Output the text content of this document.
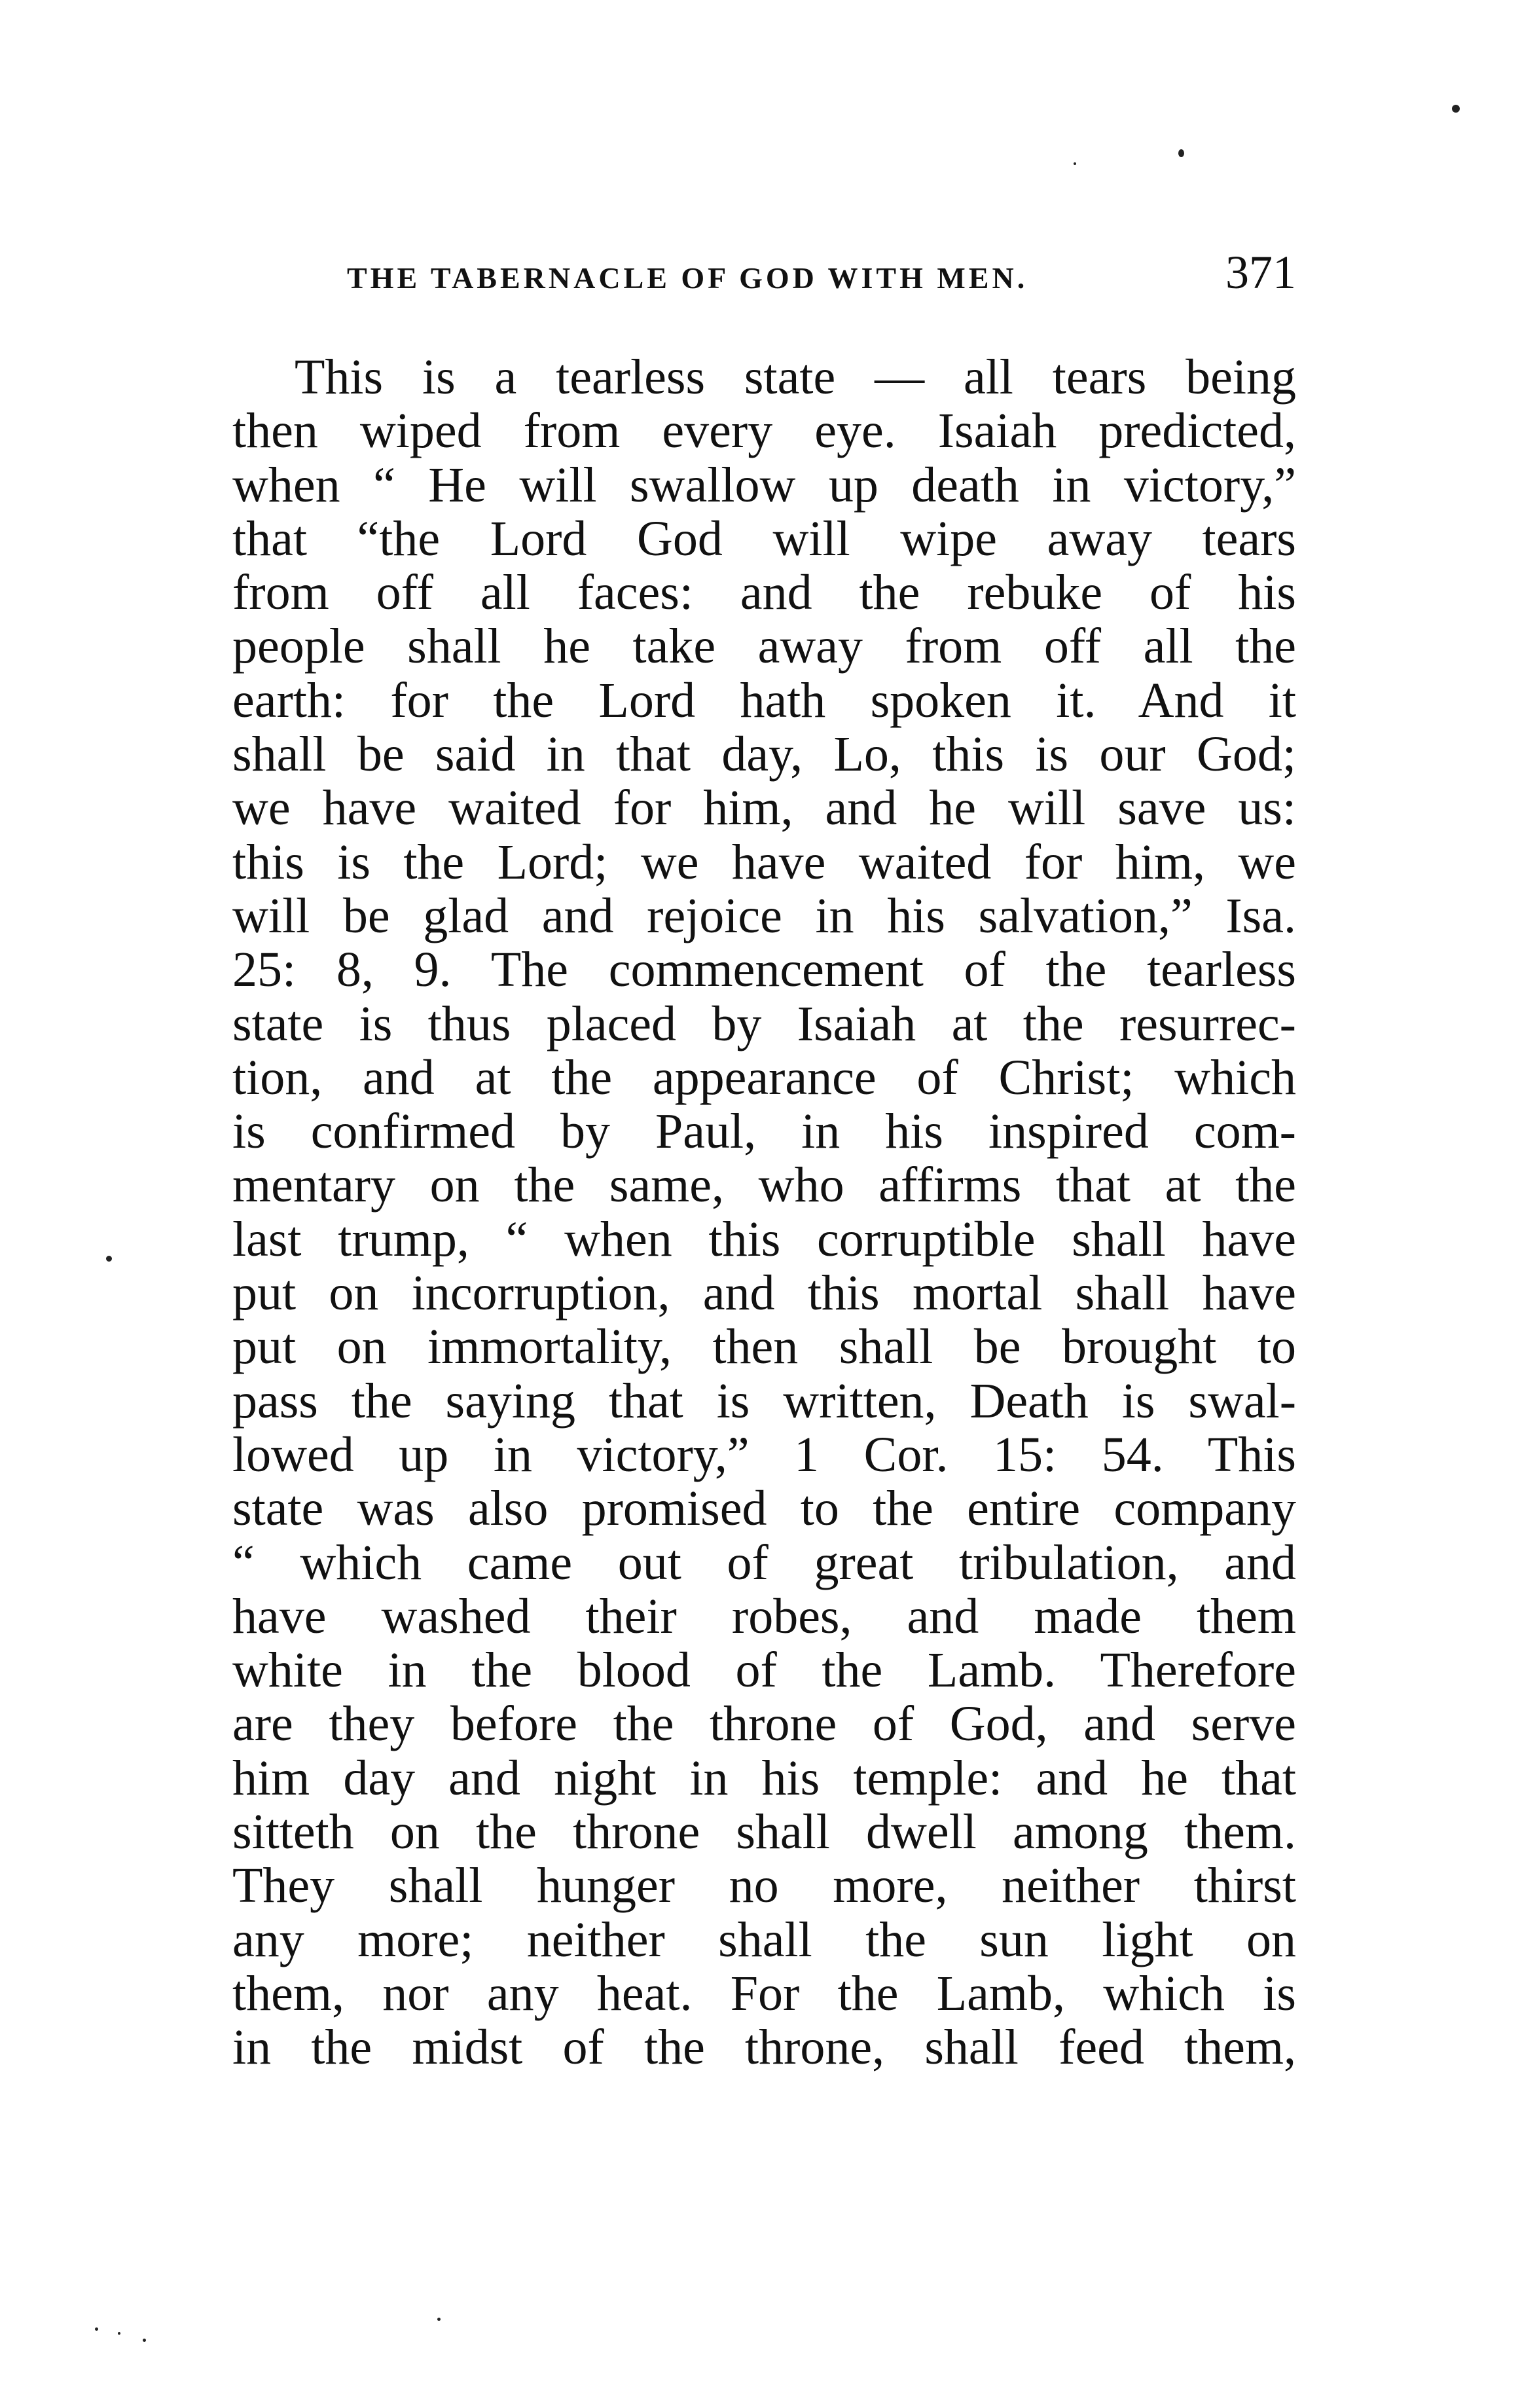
THE TABERNACLE OF GOD WITH MEN.	371
This is a tearless state — all tears being
then wiped from every eye. Isaiah predicted,
when “ He will swallow up death in victory,”
that “the Lord God will wipe away tears
from off all faces: and the rebuke of his
people shall he take away from off all the
earth: for the Lord hath spoken it. And it
shall be said in that day, Lo, this is our God;
we have waited for him, and he will save us:
this is the Lord; we have waited for him, we
will be glad and rejoice in his salvation,” Isa.
25: 8, 9. The commencement of the tearless
state is thus placed by Isaiah at the resurrec-
tion, and at the appearance of Christ; which
is confirmed by Paul, in his inspired com-
mentary on the same, who affirms that at the
last trump, “ when this corruptible shall have
put on incorruption, and this mortal shall have
put on immortality, then shall be brought to
pass the saying that is written, Death is swal-
lowed up in victory,” 1 Cor. 15: 54. This
state was also promised to the entire company
“ which came out of great tribulation, and
have washed their robes, and made them
white in the blood of the Lamb. Therefore
are they before the throne of God, and serve
him day and night in his temple: and he that
sitteth on the throne shall dwell among them.
They shall hunger no more, neither thirst
any more; neither shall the sun light on
them, nor any heat. For the Lamb, which is
in the midst of the throne, shall feed them,
